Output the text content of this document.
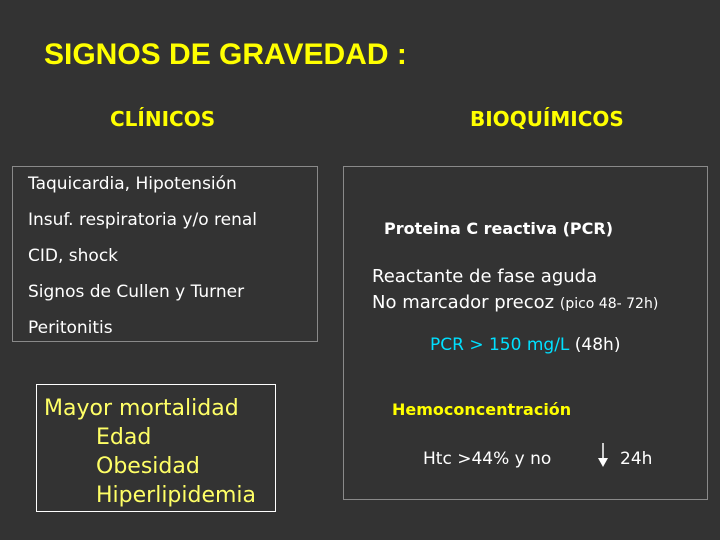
SIGNOS DE GRAVEDAD :
CLÍNICOS	BIOQUÍMICOS
Taquicardia, Hipotensión
Insuf. respiratoria y/o renal
CID, shock
Signos de Cullen y Turner
Peritonitis
Mayor mortalidad
Edad
Obesidad
Hiperlipidemia
Proteina C reactiva (PCR)
Reactante de fase aguda
No marcador precoz (pico 48- 72h)
PCR > 150 mg/L (48h)
Hemoconcentración
Htc >44% y no	24h
